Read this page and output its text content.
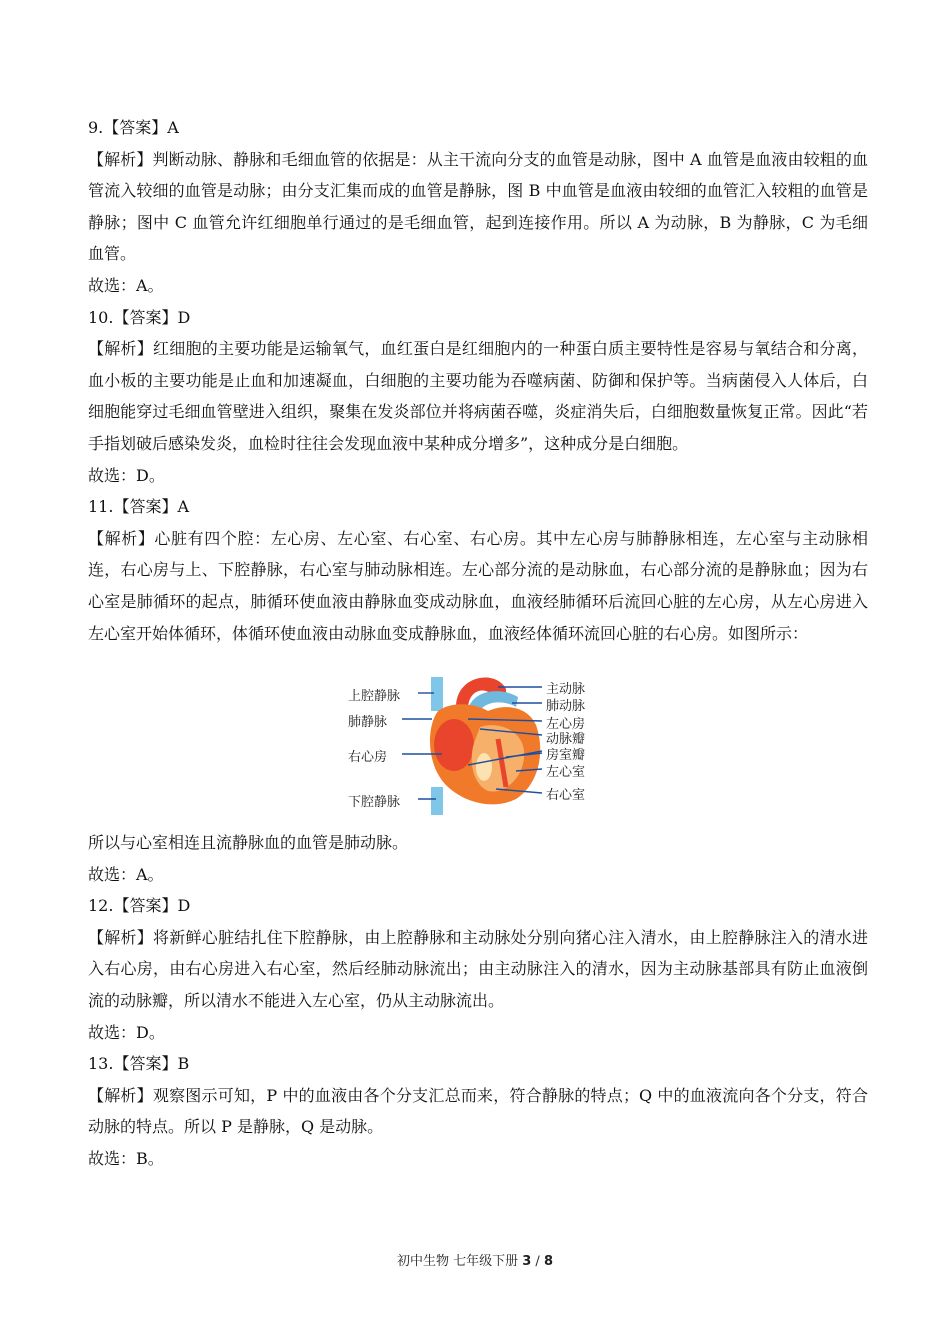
9.【答案】A
【解析】判断动脉、静脉和毛细血管的依据是：从主干流向分支的血管是动脉，图中 A 血管是血液由较粗的血管流入较细的血管是动脉；由分支汇集而成的血管是静脉，图 B 中血管是血液由较细的血管汇入较粗的血管是静脉；图中 C 血管允许红细胞单行通过的是毛细血管，起到连接作用。所以 A 为动脉，B 为静脉，C 为毛细血管。
故选：A。
10.【答案】D
【解析】红细胞的主要功能是运输氧气，血红蛋白是红细胞内的一种蛋白质主要特性是容易与氧结合和分离，血小板的主要功能是止血和加速凝血，白细胞的主要功能为吞噬病菌、防御和保护等。当病菌侵入人体后，白细胞能穿过毛细血管壁进入组织，聚集在发炎部位并将病菌吞噬，炎症消失后，白细胞数量恢复正常。因此“若手指划破后感染发炎，血检时往往会发现血液中某种成分增多”，这种成分是白细胞。
故选：D。
11.【答案】A
【解析】心脏有四个腔：左心房、左心室、右心室、右心房。其中左心房与肺静脉相连，左心室与主动脉相连，右心房与上、下腔静脉，右心室与肺动脉相连。左心部分流的是动脉血，右心部分流的是静脉血；因为右心室是肺循环的起点，肺循环使血液由静脉血变成动脉血，血液经肺循环后流回心脏的左心房，从左心房进入左心室开始体循环，体循环使血液由动脉血变成静脉血，血液经体循环流回心脏的右心房。如图所示：
上腔静脉
肺静脉
右心房
下腔静脉
主动脉
肺动脉
左心房
动脉瓣
房室瓣
左心室
右心室
所以与心室相连且流静脉血的血管是肺动脉。
故选：A。
12.【答案】D
【解析】将新鲜心脏结扎住下腔静脉，由上腔静脉和主动脉处分别向猪心注入清水，由上腔静脉注入的清水进入右心房，由右心房进入右心室，然后经肺动脉流出；由主动脉注入的清水，因为主动脉基部具有防止血液倒流的动脉瓣，所以清水不能进入左心室，仍从主动脉流出。
故选：D。
13.【答案】B
【解析】观察图示可知，P 中的血液由各个分支汇总而来，符合静脉的特点；Q 中的血液流向各个分支，符合动脉的特点。所以 P 是静脉，Q 是动脉。
故选：B。
初中生物 七年级下册 3 / 8
